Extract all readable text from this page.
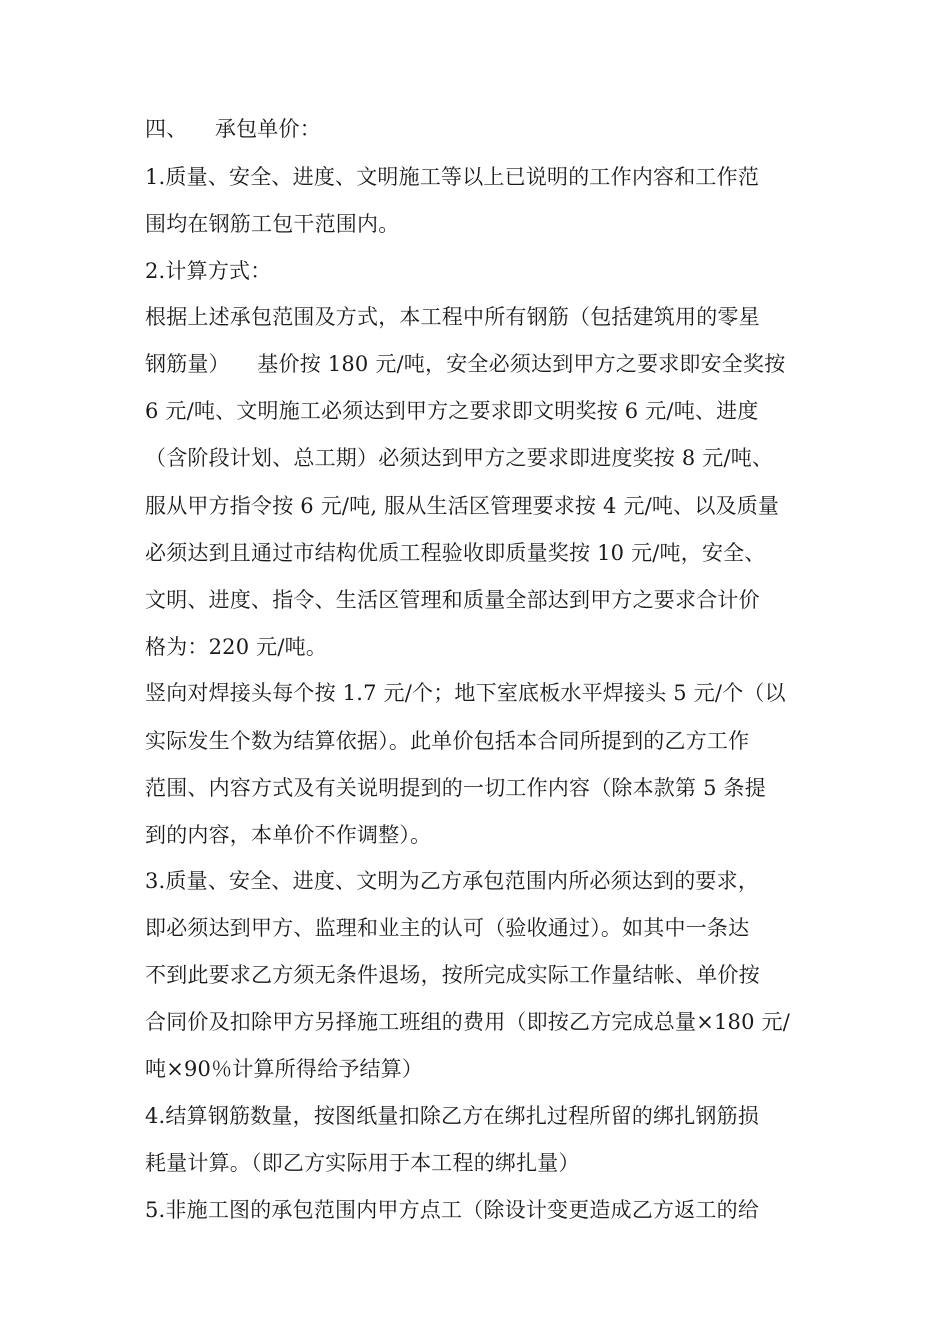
四、    承包单价：
1.质量、安全、进度、文明施工等以上已说明的工作内容和工作范
围均在钢筋工包干范围内。
2.计算方式：
根据上述承包范围及方式，本工程中所有钢筋（包括建筑用的零星
钢筋量）    基价按 180 元/吨，安全必须达到甲方之要求即安全奖按
6 元/吨、文明施工必须达到甲方之要求即文明奖按 6 元/吨、进度
（含阶段计划、总工期）必须达到甲方之要求即进度奖按 8 元/吨、
服从甲方指令按 6 元/吨, 服从生活区管理要求按 4 元/吨、以及质量
必须达到且通过市结构优质工程验收即质量奖按 10 元/吨，安全、
文明、进度、指令、生活区管理和质量全部达到甲方之要求合计价
格为：220 元/吨。
竖向对焊接头每个按 1.7 元/个；地下室底板水平焊接头 5 元/个（以
实际发生个数为结算依据）。此单价包括本合同所提到的乙方工作
范围、内容方式及有关说明提到的一切工作内容（除本款第 5 条提
到的内容，本单价不作调整）。
3.质量、安全、进度、文明为乙方承包范围内所必须达到的要求，
即必须达到甲方、监理和业主的认可（验收通过）。如其中一条达
不到此要求乙方须无条件退场，按所完成实际工作量结帐、单价按
合同价及扣除甲方另择施工班组的费用（即按乙方完成总量×180 元/
吨×90％计算所得给予结算）
4.结算钢筋数量，按图纸量扣除乙方在绑扎过程所留的绑扎钢筋损
耗量计算。（即乙方实际用于本工程的绑扎量）
5.非施工图的承包范围内甲方点工（除设计变更造成乙方返工的给
